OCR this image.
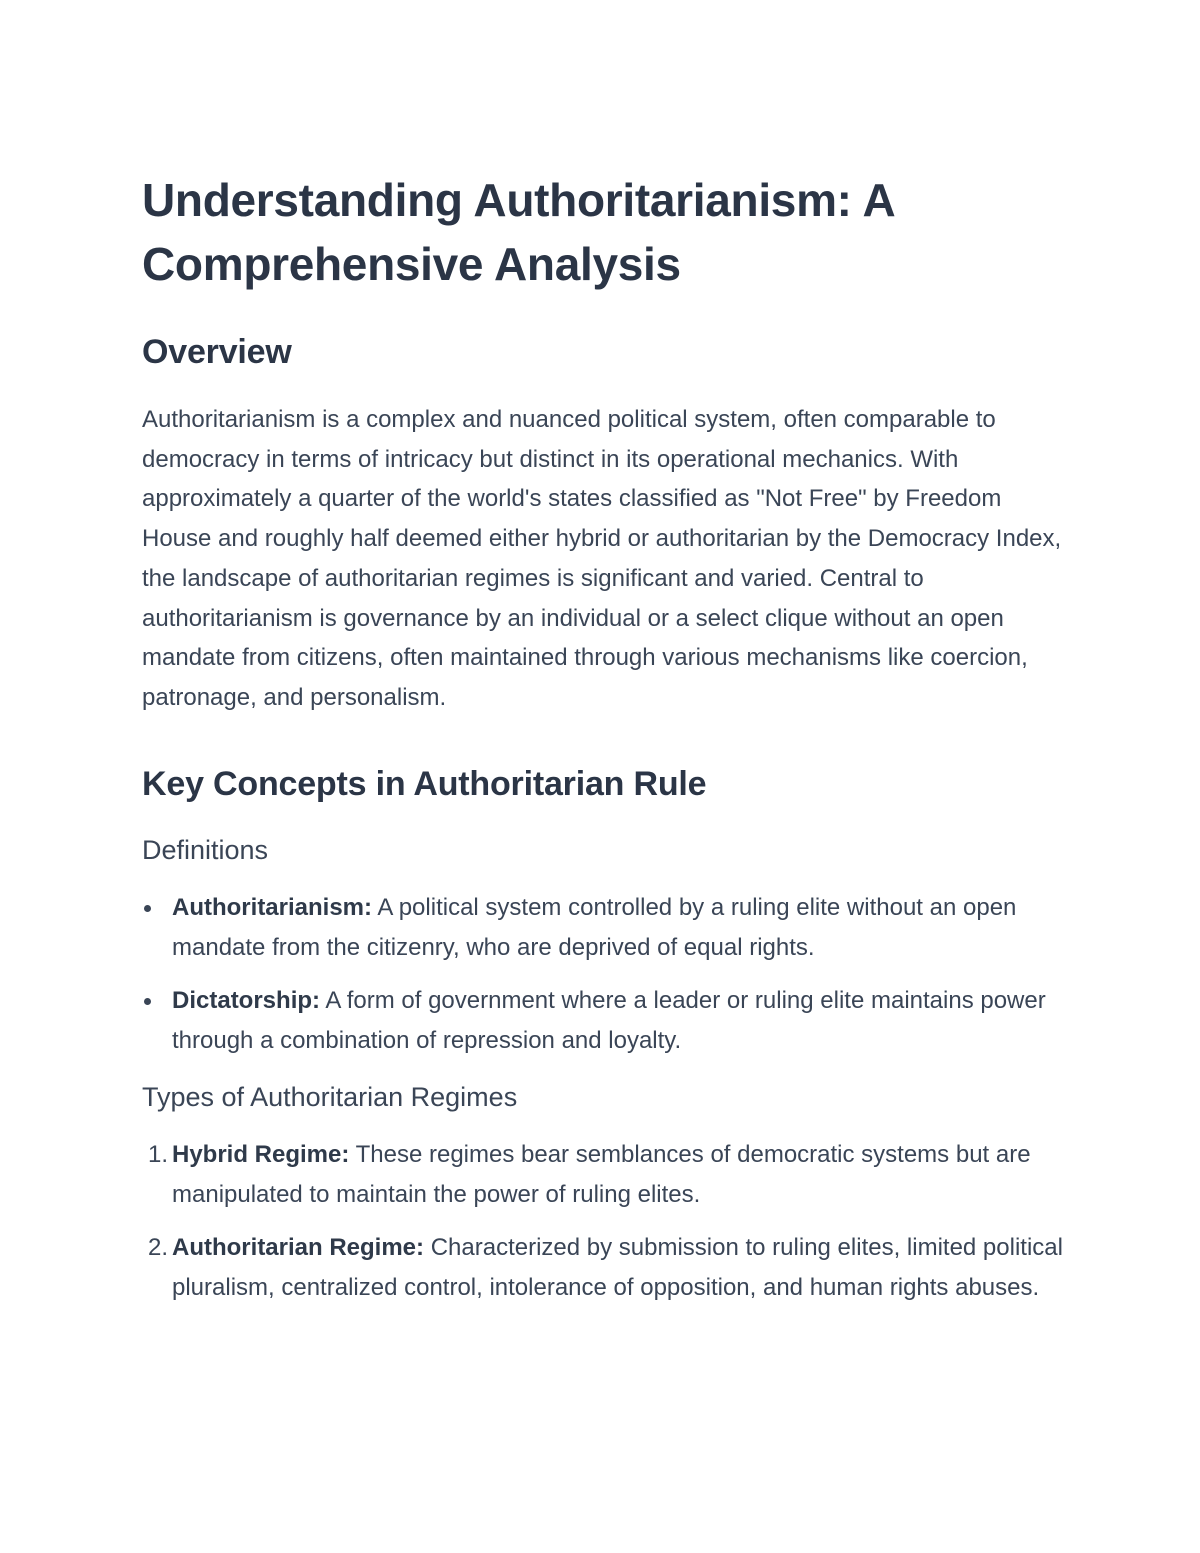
Understanding Authoritarianism: A Comprehensive Analysis
Overview

Authoritarianism is a complex and nuanced political system, often comparable to democracy in terms of intricacy but distinct in its operational mechanics. With approximately a quarter of the world's states classified as "Not Free" by Freedom House and roughly half deemed either hybrid or authoritarian by the Democracy Index, the landscape of authoritarian regimes is significant and varied. Central to authoritarianism is governance by an individual or a select clique without an open mandate from citizens, often maintained through various mechanisms like coercion, patronage, and personalism.

Key Concepts in Authoritarian Rule
Definitions
Authoritarianism: A political system controlled by a ruling elite without an open mandate from the citizenry, who are deprived of equal rights.
Dictatorship: A form of government where a leader or ruling elite maintains power through a combination of repression and loyalty.
Types of Authoritarian Regimes
1. Hybrid Regime: These regimes bear semblances of democratic systems but are manipulated to maintain the power of ruling elites.
2. Authoritarian Regime: Characterized by submission to ruling elites, limited political pluralism, centralized control, intolerance of opposition, and human rights abuses.
